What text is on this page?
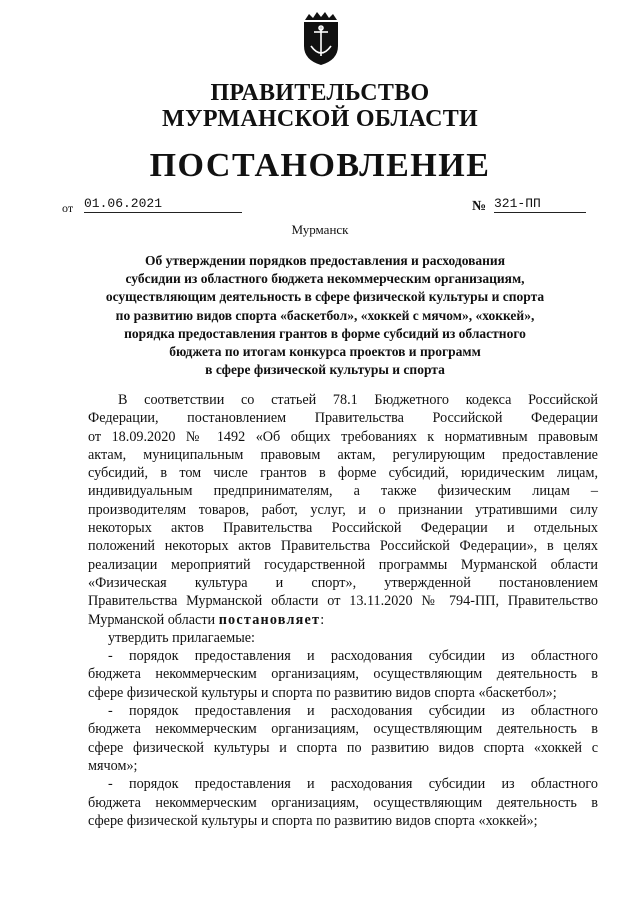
ПРАВИТЕЛЬСТВО
МУРМАНСКОЙ ОБЛАСТИ
ПОСТАНОВЛЕНИЕ
от 01.06.2021	№ 321-ПП
Мурманск
Об утверждении порядков предоставления и расходования
субсидии из областного бюджета некоммерческим организациям,
осуществляющим деятельность в сфере физической культуры и спорта
по развитию видов спорта «баскетбол», «хоккей с мячом», «хоккей»,
порядка предоставления грантов в форме субсидий из областного
бюджета по итогам конкурса проектов и программ
в сфере физической культуры и спорта
В соответствии со статьей 78.1 Бюджетного кодекса Российской
Федерации, постановлением Правительства Российской Федерации
от 18.09.2020 № 1492 «Об общих требованиях к нормативным правовым
актам, муниципальным правовым актам, регулирующим предоставление
субсидий, в том числе грантов в форме субсидий, юридическим лицам,
индивидуальным предпринимателям, а также физическим лицам –
производителям товаров, работ, услуг, и о признании утратившими силу
некоторых актов Правительства Российской Федерации и отдельных
положений некоторых актов Правительства Российской Федерации», в целях
реализации мероприятий государственной программы Мурманской области
«Физическая культура и спорт», утвержденной постановлением
Правительства Мурманской области от 13.11.2020 № 794-ПП, Правительство
Мурманской области постановляет:
утвердить прилагаемые:
- порядок предоставления и расходования субсидии из областного
бюджета некоммерческим организациям, осуществляющим деятельность в
сфере физической культуры и спорта по развитию видов спорта «баскетбол»;
- порядок предоставления и расходования субсидии из областного
бюджета некоммерческим организациям, осуществляющим деятельность в
сфере физической культуры и спорта по развитию видов спорта «хоккей с
мячом»;
- порядок предоставления и расходования субсидии из областного
бюджета некоммерческим организациям, осуществляющим деятельность в
сфере физической культуры и спорта по развитию видов спорта «хоккей»;
